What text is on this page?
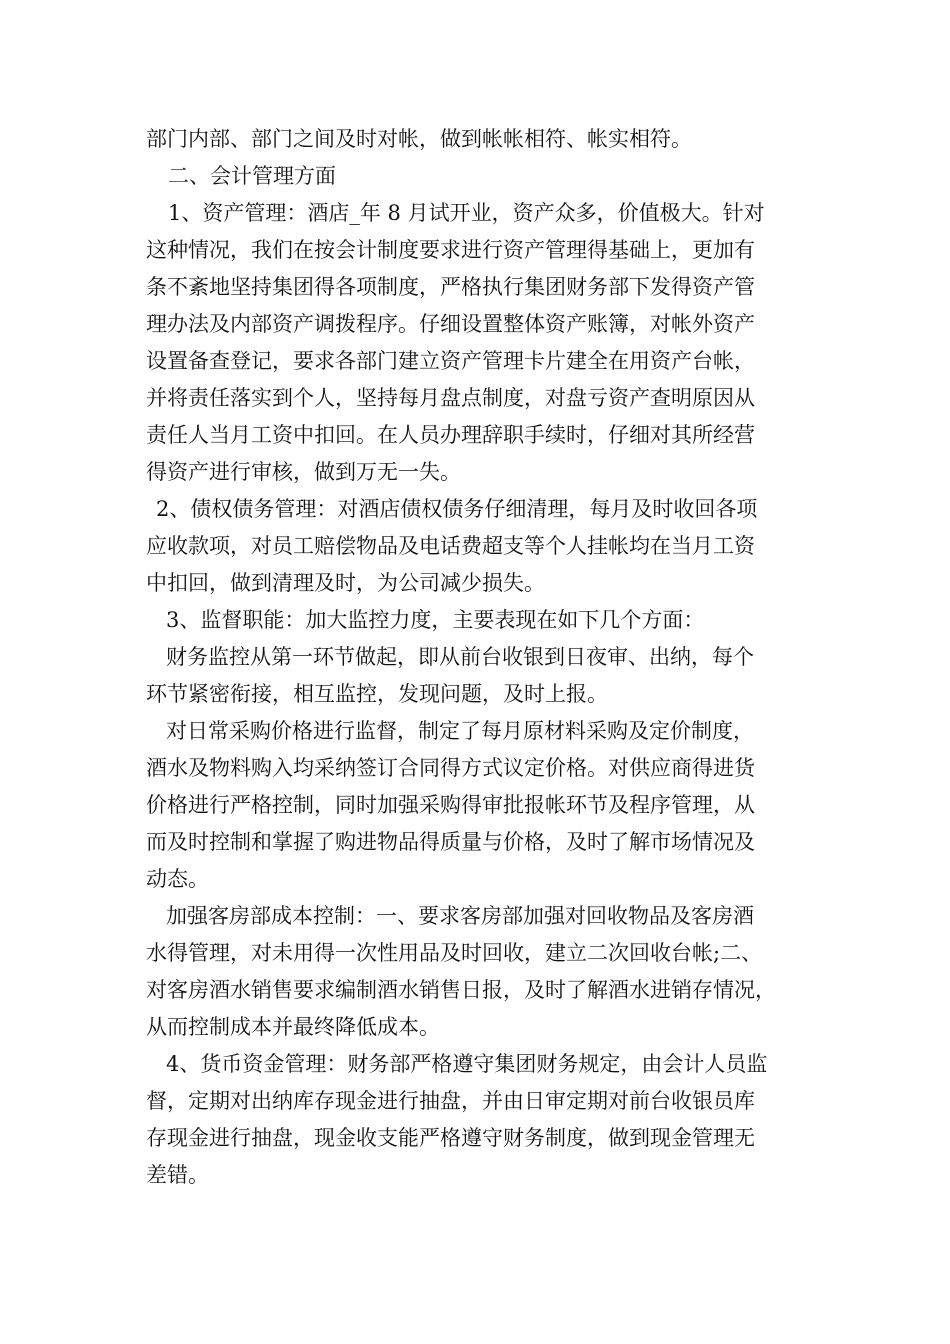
部门内部、部门之间及时对帐，做到帐帐相符、帐实相符。
二、会计管理方面
1、资产管理：酒店_年 8 月试开业，资产众多，价值极大。针对
这种情况，我们在按会计制度要求进行资产管理得基础上，更加有
条不紊地坚持集团得各项制度，严格执行集团财务部下发得资产管
理办法及内部资产调拨程序。仔细设置整体资产账簿，对帐外资产
设置备查登记，要求各部门建立资产管理卡片建全在用资产台帐，
并将责任落实到个人，坚持每月盘点制度，对盘亏资产查明原因从
责任人当月工资中扣回。在人员办理辞职手续时，仔细对其所经营
得资产进行审核，做到万无一失。
2、债权债务管理：对酒店债权债务仔细清理，每月及时收回各项
应收款项，对员工赔偿物品及电话费超支等个人挂帐均在当月工资
中扣回，做到清理及时，为公司减少损失。
3、监督职能：加大监控力度，主要表现在如下几个方面：
财务监控从第一环节做起，即从前台收银到日夜审、出纳，每个
环节紧密衔接，相互监控，发现问题，及时上报。
对日常采购价格进行监督，制定了每月原材料采购及定价制度，
酒水及物料购入均采纳签订合同得方式议定价格。对供应商得进货
价格进行严格控制，同时加强采购得审批报帐环节及程序管理，从
而及时控制和掌握了购进物品得质量与价格，及时了解市场情况及
动态。
加强客房部成本控制：一、要求客房部加强对回收物品及客房酒
水得管理，对未用得一次性用品及时回收，建立二次回收台帐;二、
对客房酒水销售要求编制酒水销售日报，及时了解酒水进销存情况，
从而控制成本并最终降低成本。
4、货币资金管理：财务部严格遵守集团财务规定，由会计人员监
督，定期对出纳库存现金进行抽盘，并由日审定期对前台收银员库
存现金进行抽盘，现金收支能严格遵守财务制度，做到现金管理无
差错。
